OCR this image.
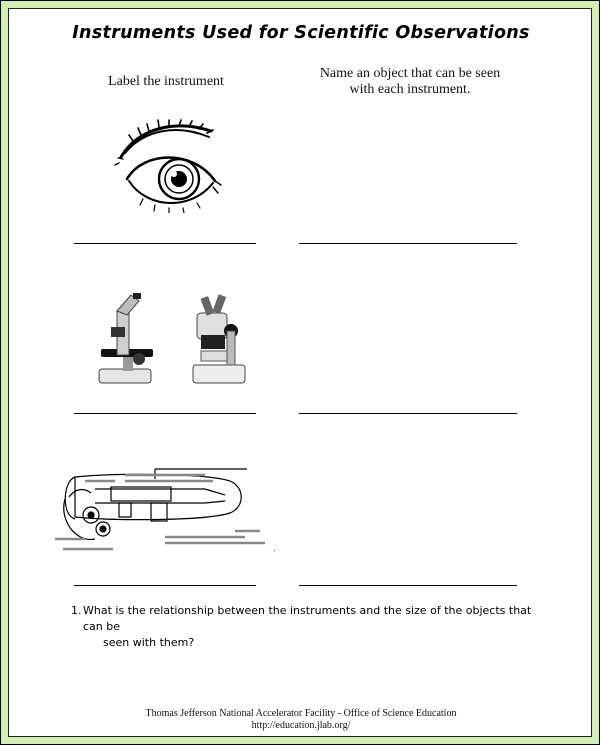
Instruments Used for Scientific Observations
Label the instrument
Name an object that can be seen
with each instrument.
1. What is the relationship between the instruments and the size of the objects that can be
seen with them?
Thomas Jefferson National Accelerator Facility - Office of Science Education
http://education.jlab.org/
